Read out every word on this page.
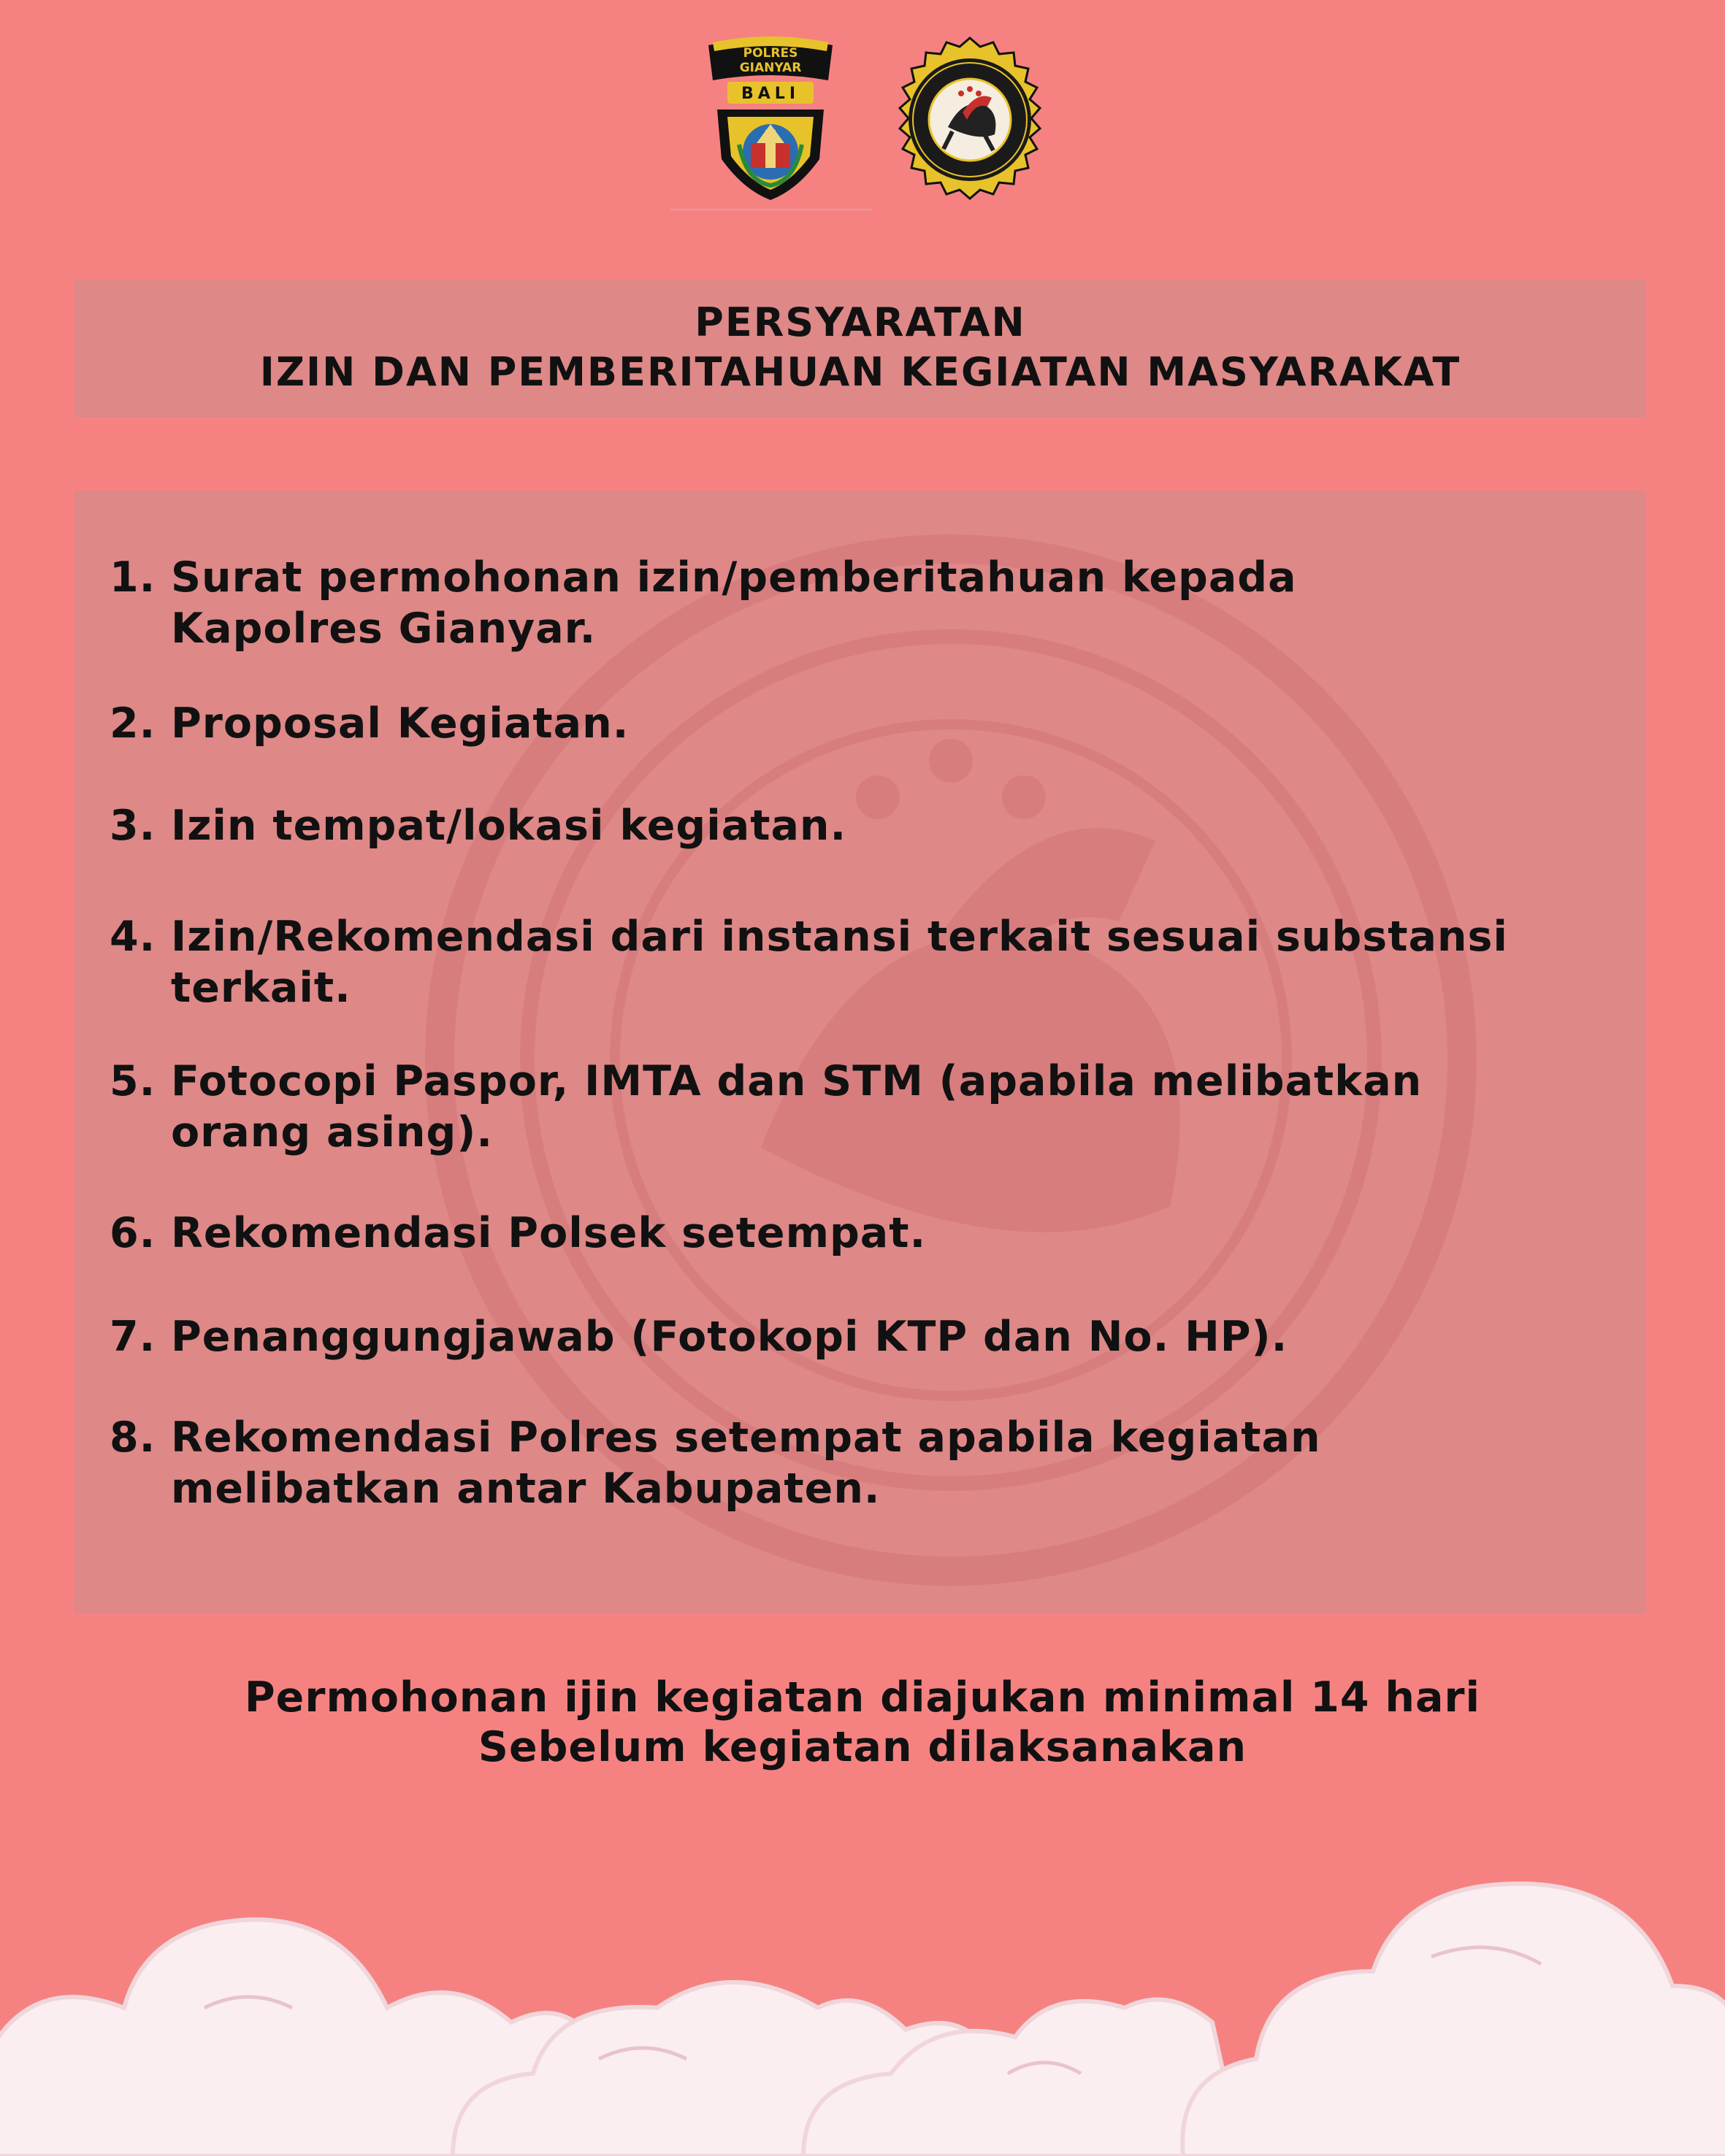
POLRES
GIANYAR
BALI
PERSYARATAN
IZIN DAN PEMBERITAHUAN KEGIATAN MASYARAKAT
1. Surat permohonan izin/pemberitahuan kepada
Kapolres Gianyar.
2. Proposal Kegiatan.
3. Izin tempat/lokasi kegiatan.
4. Izin/Rekomendasi dari instansi terkait sesuai substansi
terkait.
5. Fotocopi Paspor, IMTA dan STM (apabila melibatkan
orang asing).
6. Rekomendasi Polsek setempat.
7. Penanggungjawab (Fotokopi KTP dan No. HP).
8. Rekomendasi Polres setempat apabila kegiatan
melibatkan antar Kabupaten.
Permohonan ijin kegiatan diajukan minimal 14 hari
Sebelum kegiatan dilaksanakan
